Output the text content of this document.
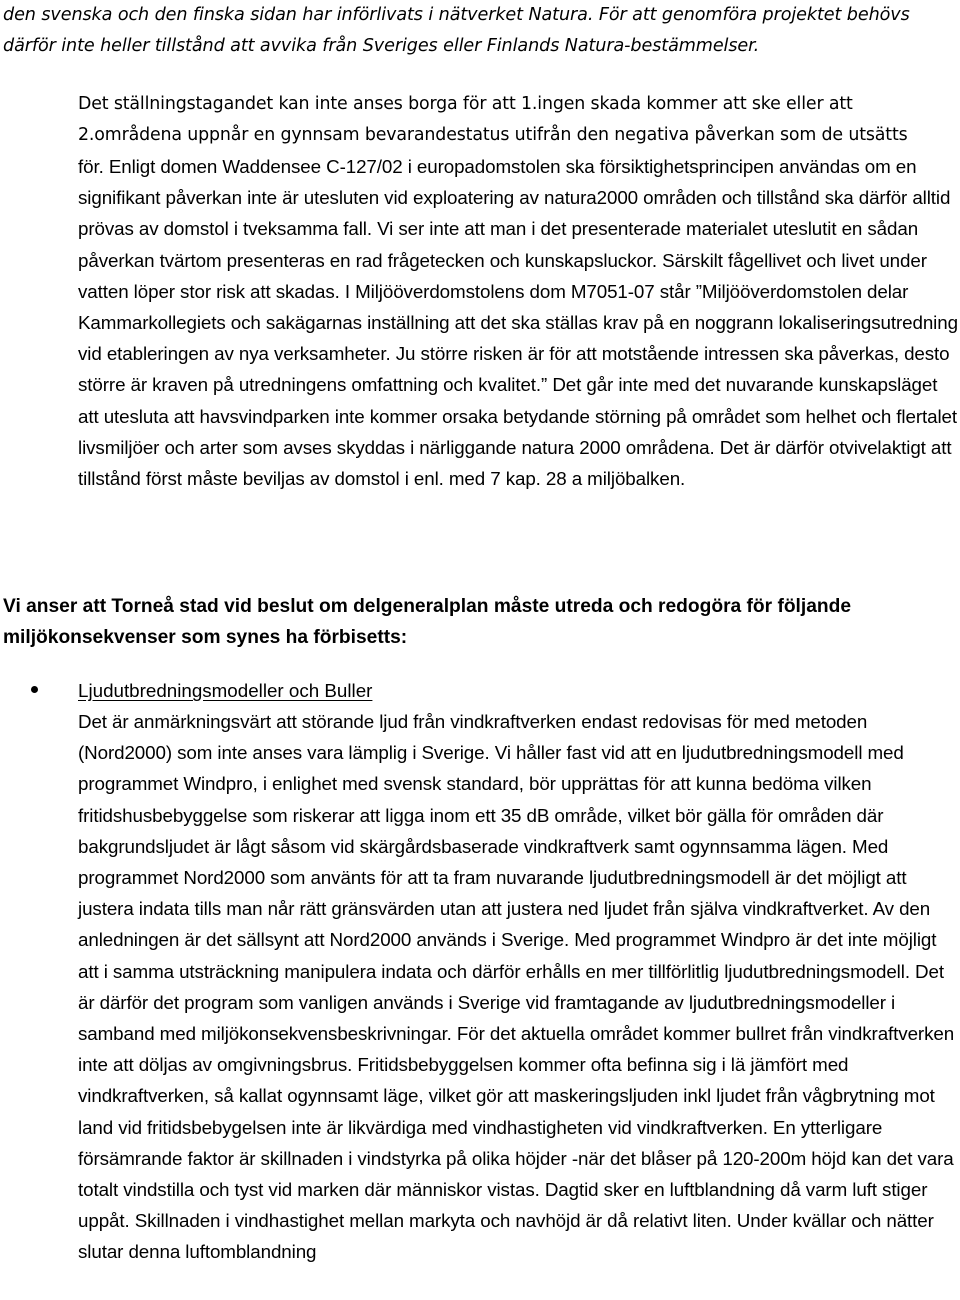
den svenska och den finska sidan har införlivats i nätverket Natura. För att genomföra projektet behövs därför inte heller tillstånd att avvika från Sveriges eller Finlands Natura-bestämmelser.

Det ställningstagandet kan inte anses borga för att 1.ingen skada kommer att ske eller att 2.områdena uppnår en gynnsam bevarandestatus utifrån den negativa påverkan som de utsätts

för. Enligt domen Waddensee C-127/02 i europadomstolen ska försiktighetsprincipen användas om en signifikant påverkan inte är utesluten vid exploatering av natura2000 områden och tillstånd ska därför alltid prövas av domstol i tveksamma fall. Vi ser inte att man i det presenterade materialet uteslutit en sådan påverkan tvärtom presenteras en rad frågetecken och kunskapsluckor. Särskilt fågellivet och livet under vatten löper stor risk att skadas. I Miljööverdomstolens dom M7051-07 står ”Miljööverdomstolen delar Kammarkollegiets och sakägarnas inställning att det ska ställas krav på en noggrann lokaliseringsutredning vid etableringen av nya verksamheter. Ju större risken är för att motstående intressen ska påverkas, desto större är kraven på utredningens omfattning och kvalitet.” Det går inte med det nuvarande kunskapsläget att utesluta att havsvindparken inte kommer orsaka betydande störning på området som helhet och flertalet livsmiljöer och arter som avses skyddas i närliggande natura 2000 områdena. Det är därför otvivelaktigt att tillstånd först måste beviljas av domstol i enl. med 7 kap. 28 a miljöbalken.

Vi anser att Torneå stad vid beslut om delgeneralplan måste utreda och redogöra för följande miljökonsekvenser som synes ha förbisetts:

Ljudutbredningsmodeller och Buller

Det är anmärkningsvärt att störande ljud från vindkraftverken endast redovisas för med metoden (Nord2000) som inte anses vara lämplig i Sverige. Vi håller fast vid att en ljudutbredningsmodell med programmet Windpro, i enlighet med svensk standard, bör upprättas för att kunna bedöma vilken fritidshusbebyggelse som riskerar att ligga inom ett 35 dB område, vilket bör gälla för områden där bakgrundsljudet är lågt såsom vid skärgårdsbaserade vindkraftverk samt ogynnsamma lägen. Med programmet Nord2000 som använts för att ta fram nuvarande ljudutbredningsmodell är det möjligt att justera indata tills man når rätt gränsvärden utan att justera ned ljudet från själva vindkraftverket. Av den anledningen är det sällsynt att Nord2000 används i Sverige. Med programmet Windpro är det inte möjligt att i samma utsträckning manipulera indata och därför erhålls en mer tillförlitlig ljudutbredningsmodell. Det är därför det program som vanligen används i Sverige vid framtagande av ljudutbredningsmodeller i samband med miljökonsekvensbeskrivningar. För det aktuella området kommer bullret från vindkraftverken inte att döljas av omgivningsbrus. Fritidsbebyggelsen kommer ofta befinna sig i lä jämfört med vindkraftverken, så kallat ogynnsamt läge, vilket gör att maskeringsljuden inkl ljudet från vågbrytning mot land vid fritidsbebygelsen inte är likvärdiga med vindhastigheten vid vindkraftverken. En ytterligare försämrande faktor är skillnaden i vindstyrka på olika höjder -när det blåser på 120-200m höjd kan det vara totalt vindstilla och tyst vid marken där människor vistas. Dagtid sker en luftblandning då varm luft stiger uppåt. Skillnaden i vindhastighet mellan markyta och navhöjd är då relativt liten. Under kvällar och nätter slutar denna luftomblandning
